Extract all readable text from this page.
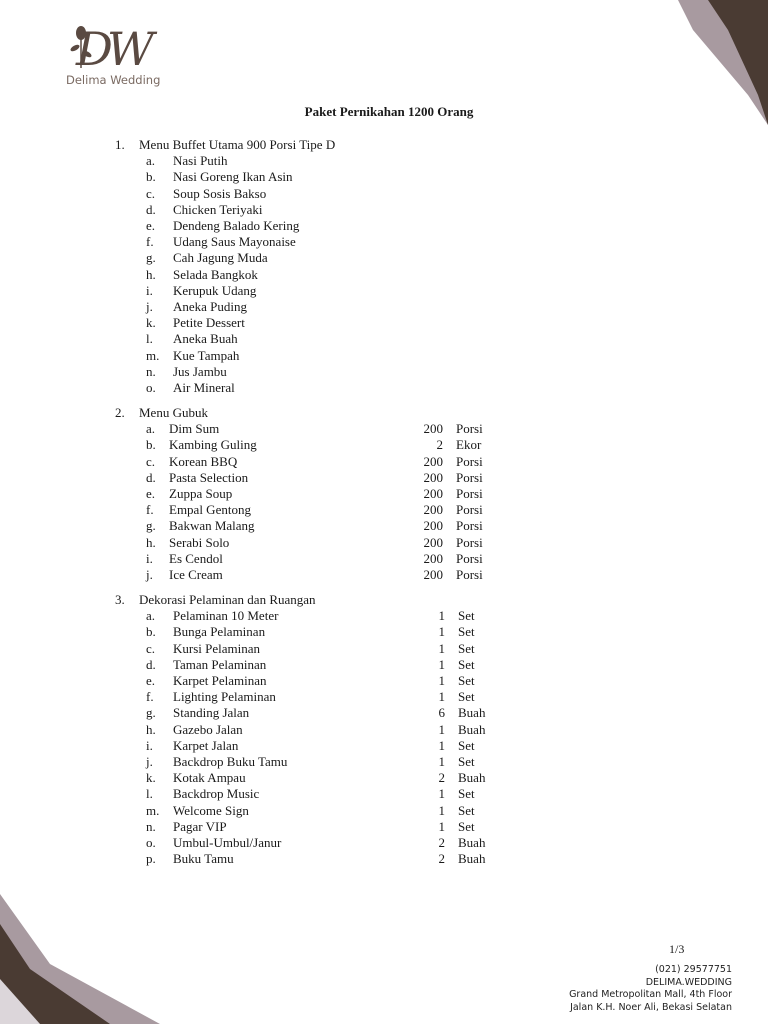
DW
Delima Wedding
Paket Pernikahan 1200 Orang
1. Menu Buffet Utama 900 Porsi Tipe D
a. Nasi Putih
b. Nasi Goreng Ikan Asin
c. Soup Sosis Bakso
d. Chicken Teriyaki
e. Dendeng Balado Kering
f. Udang Saus Mayonaise
g. Cah Jagung Muda
h. Selada Bangkok
i. Kerupuk Udang
j. Aneka Puding
k. Petite Dessert
l. Aneka Buah
m. Kue Tampah
n. Jus Jambu
o. Air Mineral
2. Menu Gubuk
a. Dim Sum	200 Porsi
b. Kambing Guling	2 Ekor
c. Korean BBQ	200 Porsi
d. Pasta Selection	200 Porsi
e. Zuppa Soup	200 Porsi
f. Empal Gentong	200 Porsi
g. Bakwan Malang	200 Porsi
h. Serabi Solo	200 Porsi
i. Es Cendol	200 Porsi
j. Ice Cream	200 Porsi
3. Dekorasi Pelaminan dan Ruangan
a. Pelaminan 10 Meter	1 Set
b. Bunga Pelaminan	1 Set
c. Kursi Pelaminan	1 Set
d. Taman Pelaminan	1 Set
e. Karpet Pelaminan	1 Set
f. Lighting Pelaminan	1 Set
g. Standing Jalan	6 Buah
h. Gazebo Jalan	1 Buah
i. Karpet Jalan	1 Set
j. Backdrop Buku Tamu	1 Set
k. Kotak Ampau	2 Buah
l. Backdrop Music	1 Set
m. Welcome Sign	1 Set
n. Pagar VIP	1 Set
o. Umbul-Umbul/Janur	2 Buah
p. Buku Tamu	2 Buah
1/3
(021) 29577751
DELIMA.WEDDING
Grand Metropolitan Mall, 4th Floor
Jalan K.H. Noer Ali, Bekasi Selatan
